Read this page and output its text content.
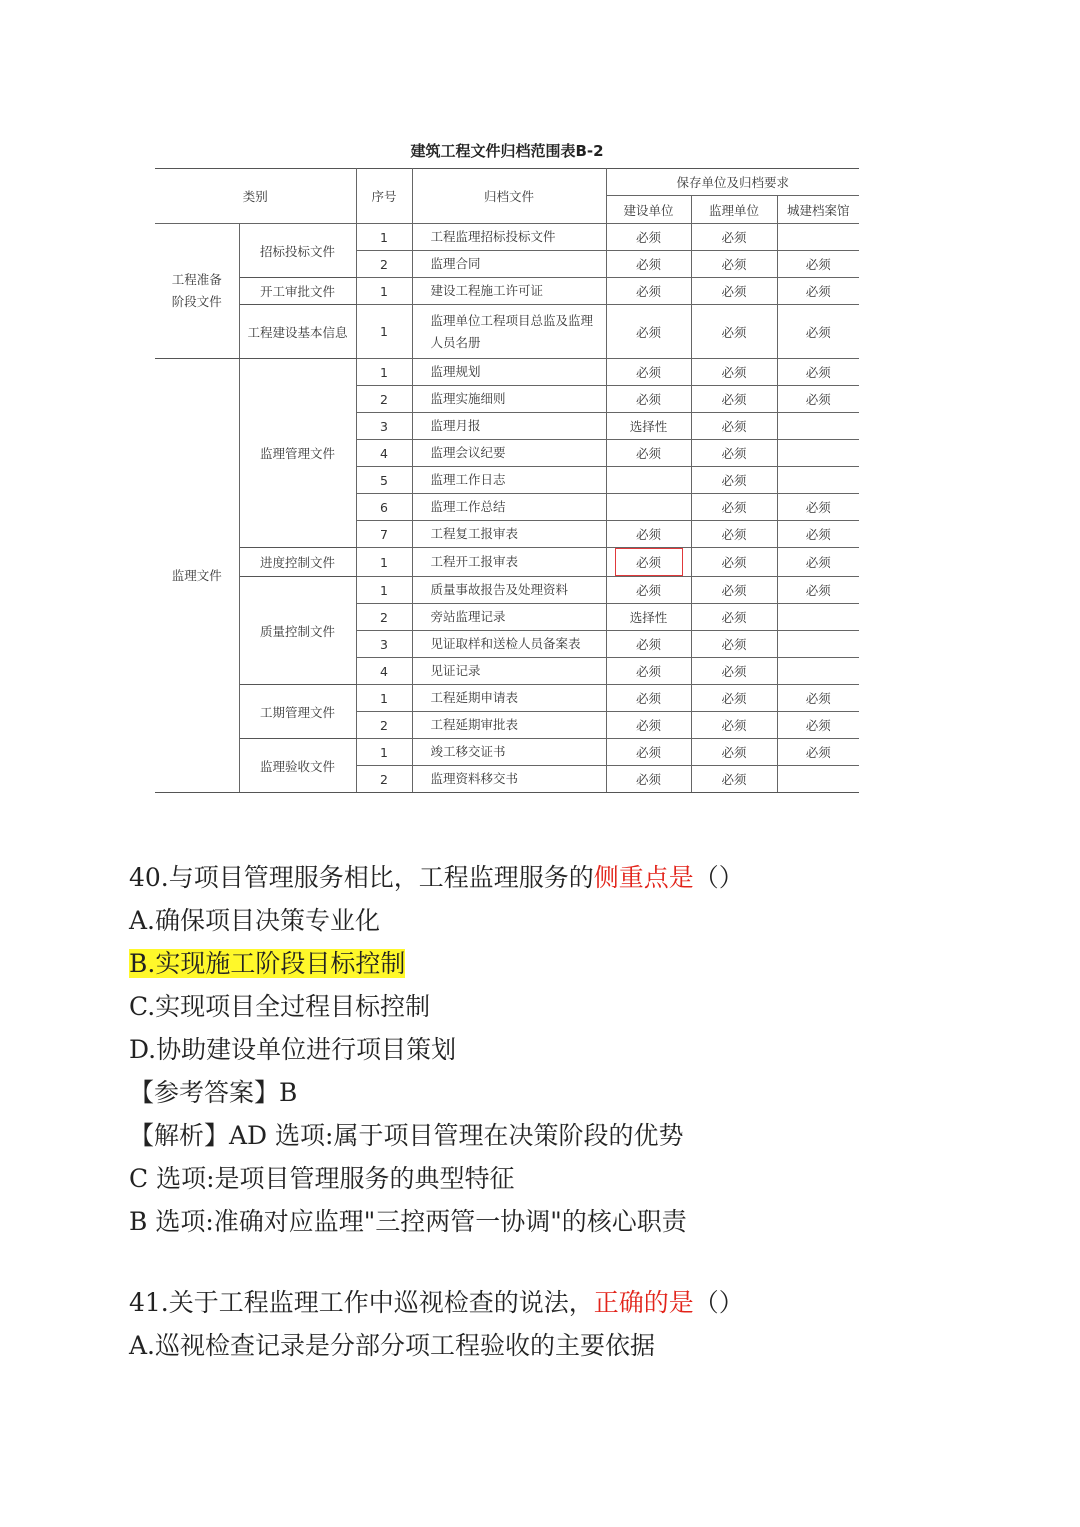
建筑工程文件归档范围表B-2
类别		序号	归档文件	保存单位及归档要求		
				建设单位	监理单位	城建档案馆
工程准备
阶段文件	招标投标文件	1	工程监理招标投标文件	必须	必须	
		2	监理合同	必须	必须	必须
	开工审批文件	1	建设工程施工许可证	必须	必须	必须
	工程建设基本信息	1	监理单位工程项目总监及监理人员名册	必须	必须	必须
监理文件	监理管理文件	1	监理规划	必须	必须	必须
		2	监理实施细则	必须	必须	必须
		3	监理月报	选择性	必须	
		4	监理会议纪要	必须	必须	
		5	监理工作日志		必须	
		6	监理工作总结		必须	必须
		7	工程复工报审表	必须	必须	必须
	进度控制文件	1	工程开工报审表	必须	必须	必须
	质量控制文件	1	质量事故报告及处理资料	必须	必须	必须
		2	旁站监理记录	选择性	必须	
		3	见证取样和送检人员备案表	必须	必须	
		4	见证记录	必须	必须	
	工期管理文件	1	工程延期申请表	必须	必须	必须
		2	工程延期审批表	必须	必须	必须
	监理验收文件	1	竣工移交证书	必须	必须	必须
		2	监理资料移交书	必须	必须	
40.与项目管理服务相比，工程监理服务的侧重点是（）
A.确保项目决策专业化
B.实现施工阶段目标控制
C.实现项目全过程目标控制
D.协助建设单位进行项目策划
【参考答案】B
【解析】AD 选项:属于项目管理在决策阶段的优势
C 选项:是项目管理服务的典型特征
B 选项:准确对应监理"三控两管一协调"的核心职责
41.关于工程监理工作中巡视检查的说法，正确的是（）
A.巡视检查记录是分部分项工程验收的主要依据
